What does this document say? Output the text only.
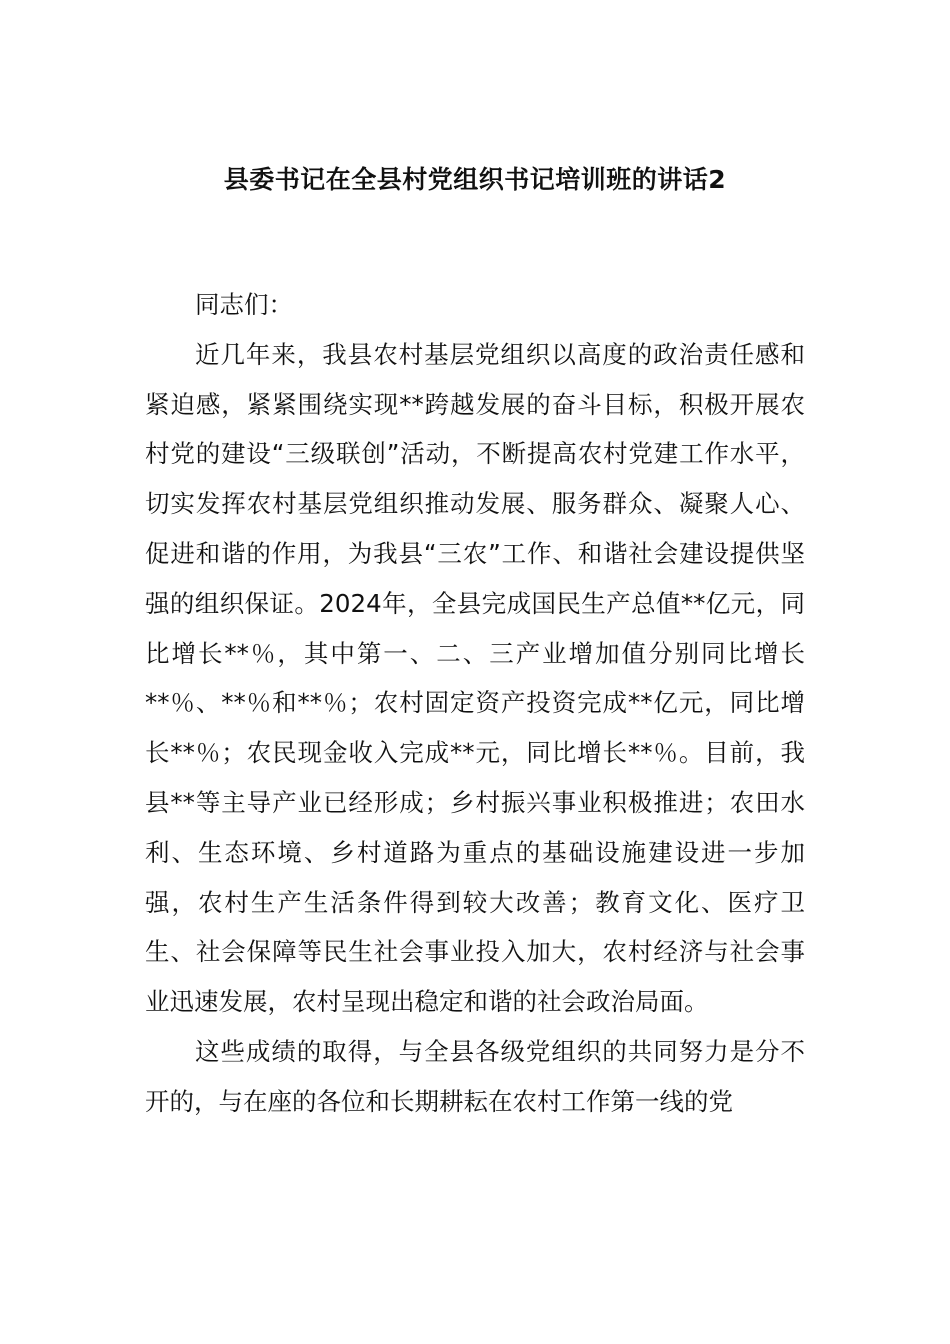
县委书记在全县村党组织书记培训班的讲话2

同志们：

近几年来，我县农村基层党组织以高度的政治责任感和紧迫感，紧紧围绕实现**跨越发展的奋斗目标，积极开展农村党的建设“三级联创”活动，不断提高农村党建工作水平，切实发挥农村基层党组织推动发展、服务群众、凝聚人心、促进和谐的作用，为我县“三农”工作、和谐社会建设提供坚强的组织保证。2024年，全县完成国民生产总值**亿元，同比增长**％，其中第一、二、三产业增加值分别同比增长**％、**％和**％；农村固定资产投资完成**亿元，同比增长**％；农民现金收入完成**元，同比增长**％。目前，我县**等主导产业已经形成；乡村振兴事业积极推进；农田水利、生态环境、乡村道路为重点的基础设施建设进一步加强，农村生产生活条件得到较大改善；教育文化、医疗卫生、社会保障等民生社会事业投入加大，农村经济与社会事业迅速发展，农村呈现出稳定和谐的社会政治局面。

这些成绩的取得，与全县各级党组织的共同努力是分不开的，与在座的各位和长期耕耘在农村工作第一线的党
